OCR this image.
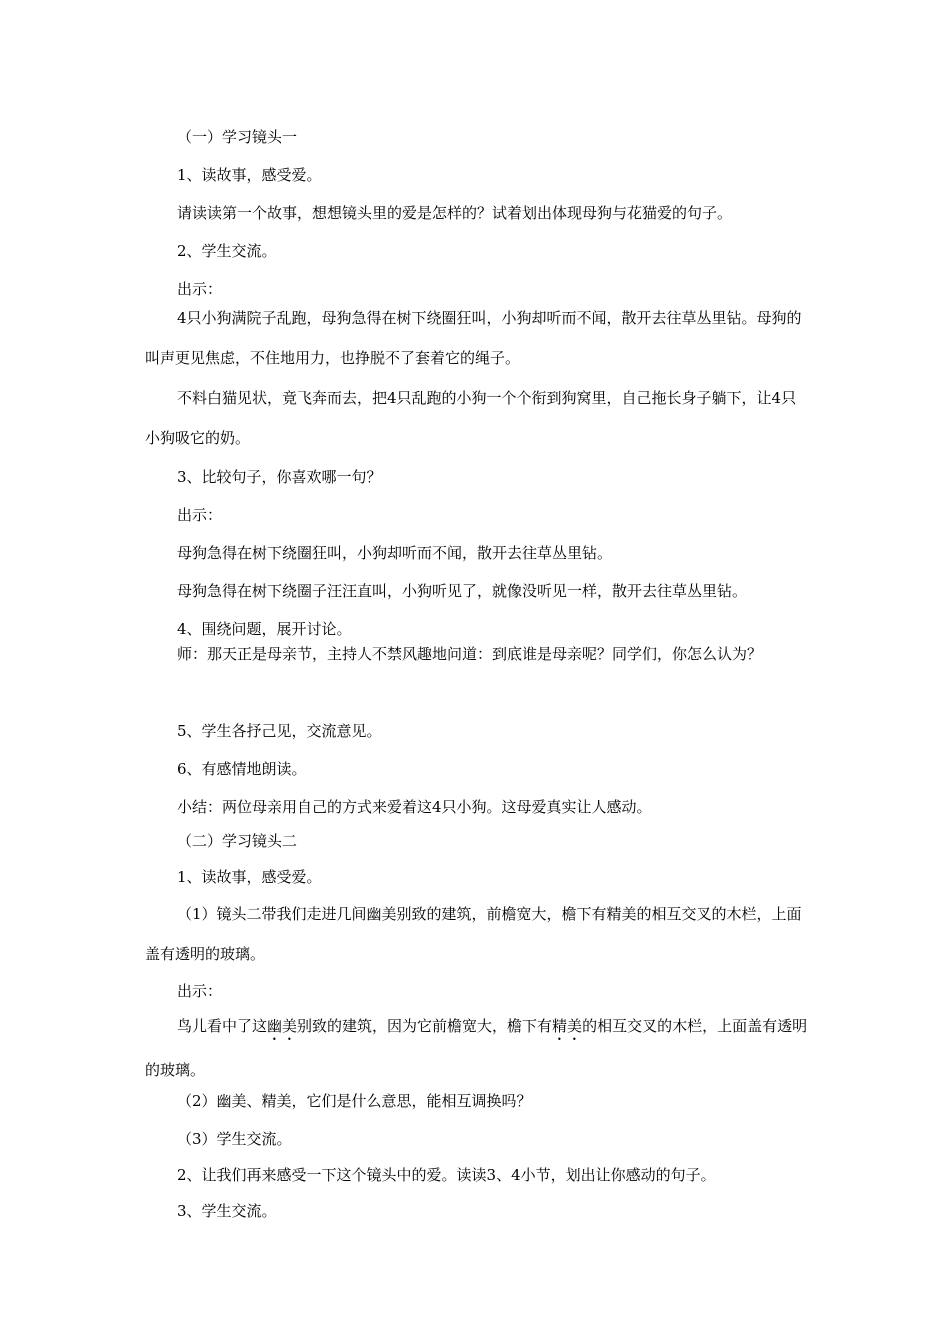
（一）学习镜头一
1、读故事，感受爱。
请读读第一个故事，想想镜头里的爱是怎样的？试着划出体现母狗与花猫爱的句子。
2、学生交流。
出示：
4只小狗满院子乱跑，母狗急得在树下绕圈狂叫，小狗却听而不闻，散开去往草丛里钻。母狗的叫声更见焦虑，不住地用力，也挣脱不了套着它的绳子。
不料白猫见状，竟飞奔而去，把4只乱跑的小狗一个个衔到狗窝里，自己拖长身子躺下，让4只小狗吸它的奶。
3、比较句子，你喜欢哪一句？
出示：
母狗急得在树下绕圈狂叫，小狗却听而不闻，散开去往草丛里钻。
母狗急得在树下绕圈子汪汪直叫，小狗听见了，就像没听见一样，散开去往草丛里钻。
4、围绕问题，展开讨论。
师：那天正是母亲节，主持人不禁风趣地问道：到底谁是母亲呢？同学们，你怎么认为？
5、学生各抒己见，交流意见。
6、有感情地朗读。
小结：两位母亲用自己的方式来爱着这4只小狗。这母爱真实让人感动。
（二）学习镜头二
1、读故事，感受爱。
（1）镜头二带我们走进几间幽美别致的建筑，前檐宽大，檐下有精美的相互交叉的木栏，上面盖有透明的玻璃。
出示：
鸟儿看中了这幽美别致的建筑，因为它前檐宽大，檐下有精美的相互交叉的木栏，上面盖有透明的玻璃。
（2）幽美、精美，它们是什么意思，能相互调换吗？
（3）学生交流。
2、让我们再来感受一下这个镜头中的爱。读读3、4小节，划出让你感动的句子。
3、学生交流。
